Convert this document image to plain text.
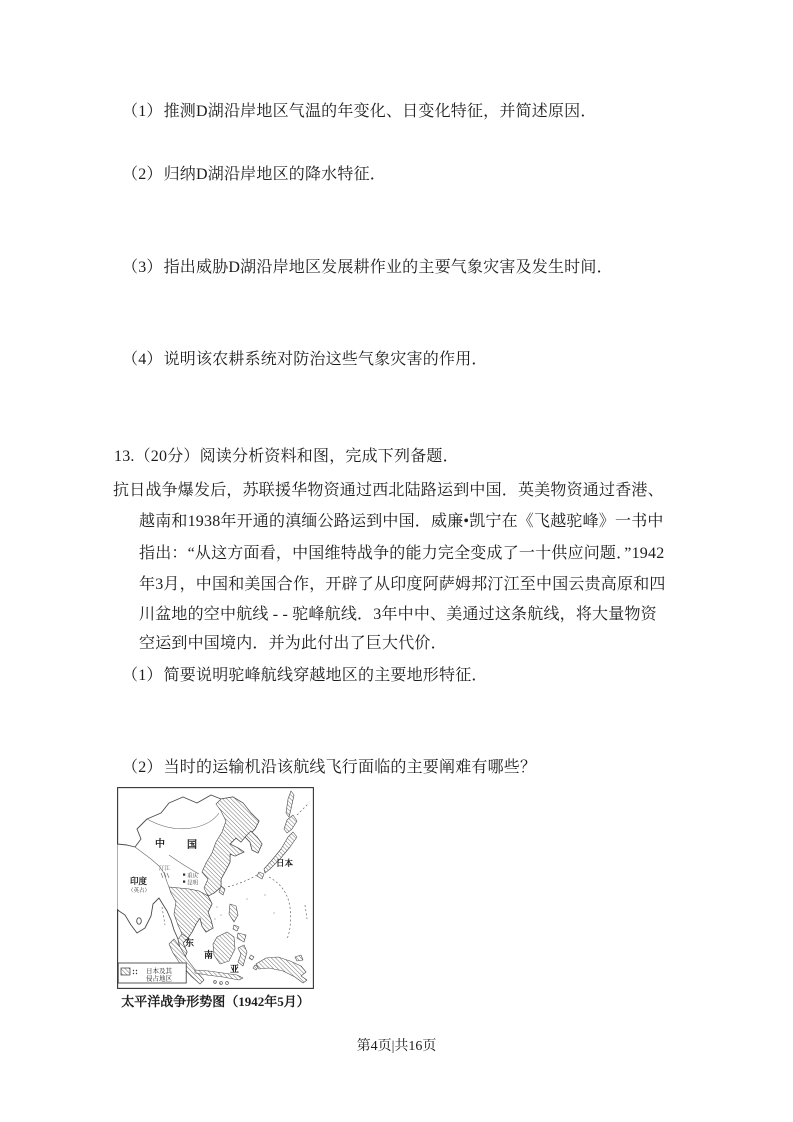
（1）推测D湖沿岸地区气温的年变化、日变化特征，并简述原因．
（2）归纳D湖沿岸地区的降水特征．
（3）指出威胁D湖沿岸地区发展耕作业的主要气象灾害及发生时间．
（4）说明该农耕系统对防治这些气象灾害的作用．
13.（20分）阅读分析资料和图，完成下列备题．
抗日战争爆发后，苏联援华物资通过西北陆路运到中国．英美物资通过香港、
越南和1938年开通的滇缅公路运到中国．威廉•凯宁在《飞越驼峰》一书中
指出：“从这方面看，中国维特战争的能力完全变成了一十供应问题．”1942
年3月，中国和美国合作，开辟了从印度阿萨姆邦汀江至中国云贵高原和四
川盆地的空中航线 - - 驼峰航线．3年中中、美通过这条航线，将大量物资
空运到中国境内．并为此付出了巨大代价．
（1）简要说明驼峰航线穿越地区的主要地形特征．
（2）当时的运输机沿该航线飞行面临的主要阐难有哪些？
中 国
日本
印度
（英占）
汀江
重庆
昆明
东
南
亚
日本及其
侵占地区
太平洋战争形势图（1942年5月）
第4页|共16页
